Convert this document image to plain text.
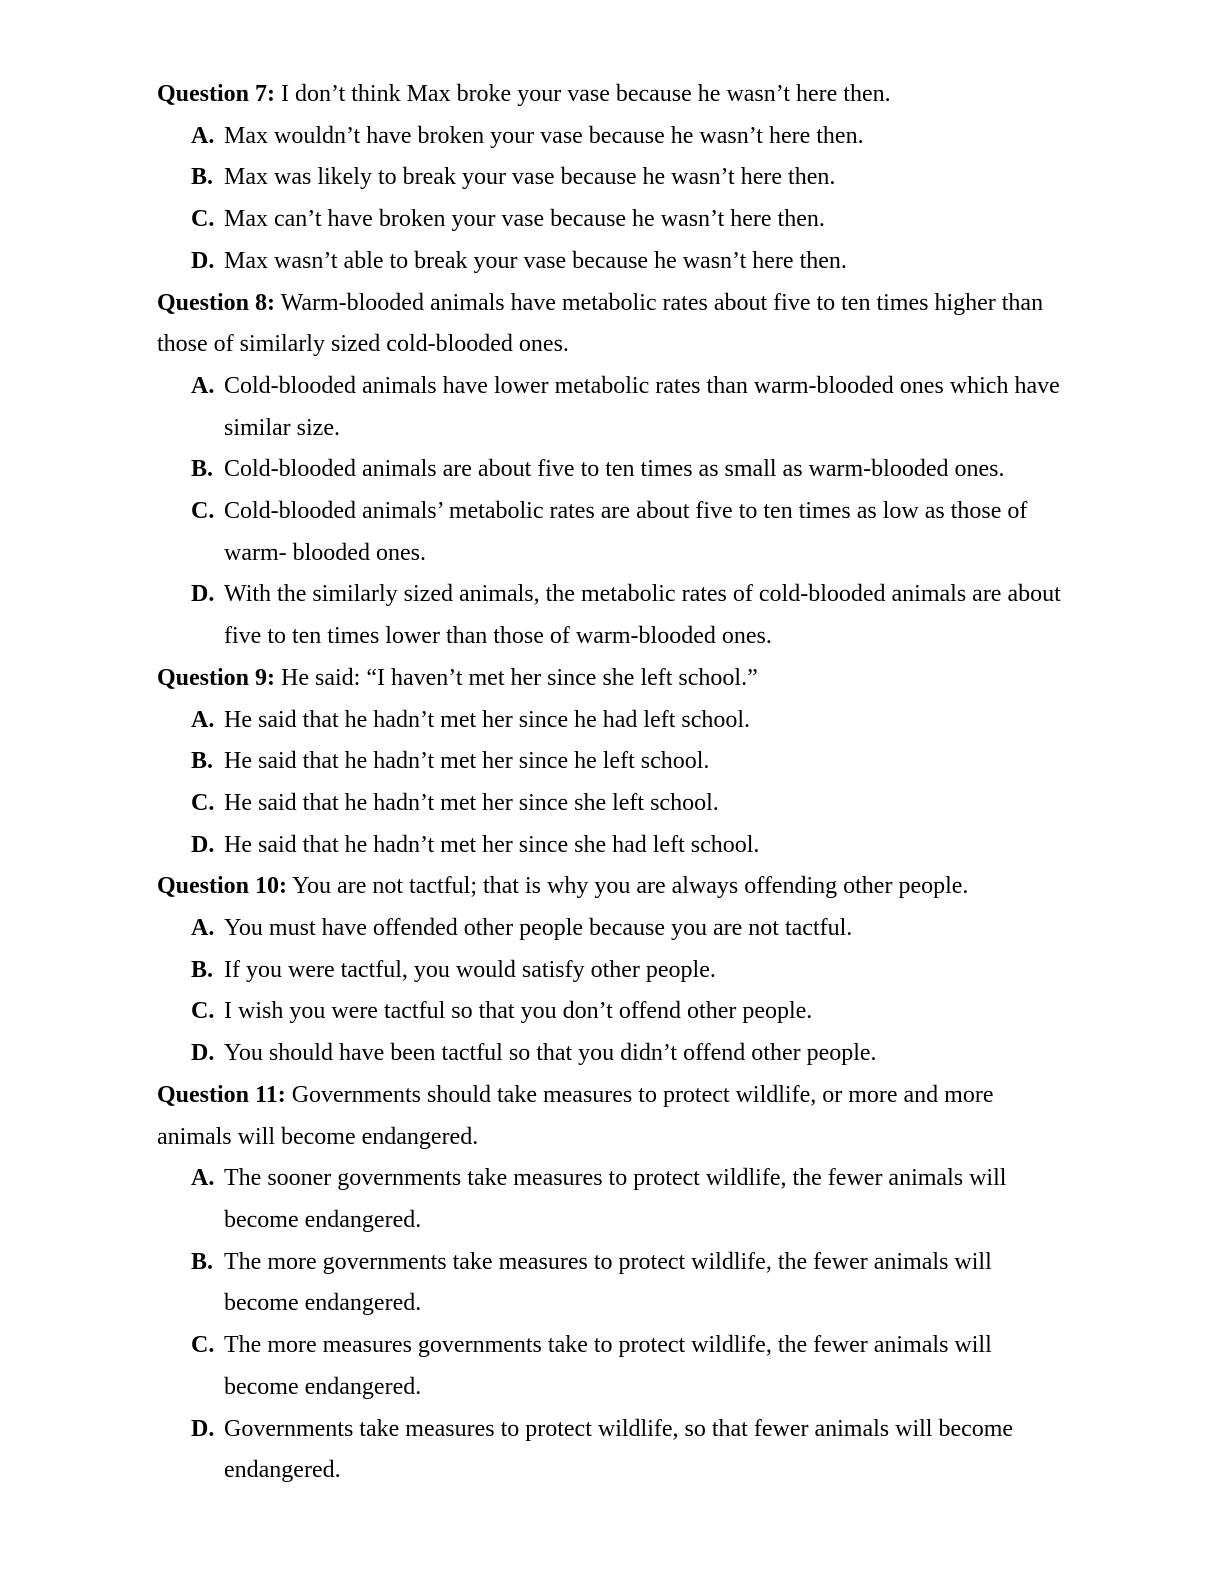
Question 7: I don’t think Max broke your vase because he wasn’t here then.

A. Max wouldn’t have broken your vase because he wasn’t here then.
B. Max was likely to break your vase because he wasn’t here then.
C. Max can’t have broken your vase because he wasn’t here then.
D. Max wasn’t able to break your vase because he wasn’t here then.

Question 8: Warm-blooded animals have metabolic rates about five to ten times higher than those of similarly sized cold-blooded ones.

A. Cold-blooded animals have lower metabolic rates than warm-blooded ones which have similar size.
B. Cold-blooded animals are about five to ten times as small as warm-blooded ones.
C. Cold-blooded animals’ metabolic rates are about five to ten times as low as those of warm- blooded ones.
D. With the similarly sized animals, the metabolic rates of cold-blooded animals are about five to ten times lower than those of warm-blooded ones.

Question 9: He said: “I haven’t met her since she left school.”

A. He said that he hadn’t met her since he had left school.
B. He said that he hadn’t met her since he left school.
C. He said that he hadn’t met her since she left school.
D. He said that he hadn’t met her since she had left school.

Question 10: You are not tactful; that is why you are always offending other people.

A. You must have offended other people because you are not tactful.
B. If you were tactful, you would satisfy other people.
C. I wish you were tactful so that you don’t offend other people.
D. You should have been tactful so that you didn’t offend other people.

Question 11: Governments should take measures to protect wildlife, or more and more animals will become endangered.

A. The sooner governments take measures to protect wildlife, the fewer animals will become endangered.
B. The more governments take measures to protect wildlife, the fewer animals will become endangered.
C. The more measures governments take to protect wildlife, the fewer animals will become endangered.
D. Governments take measures to protect wildlife, so that fewer animals will become endangered.
